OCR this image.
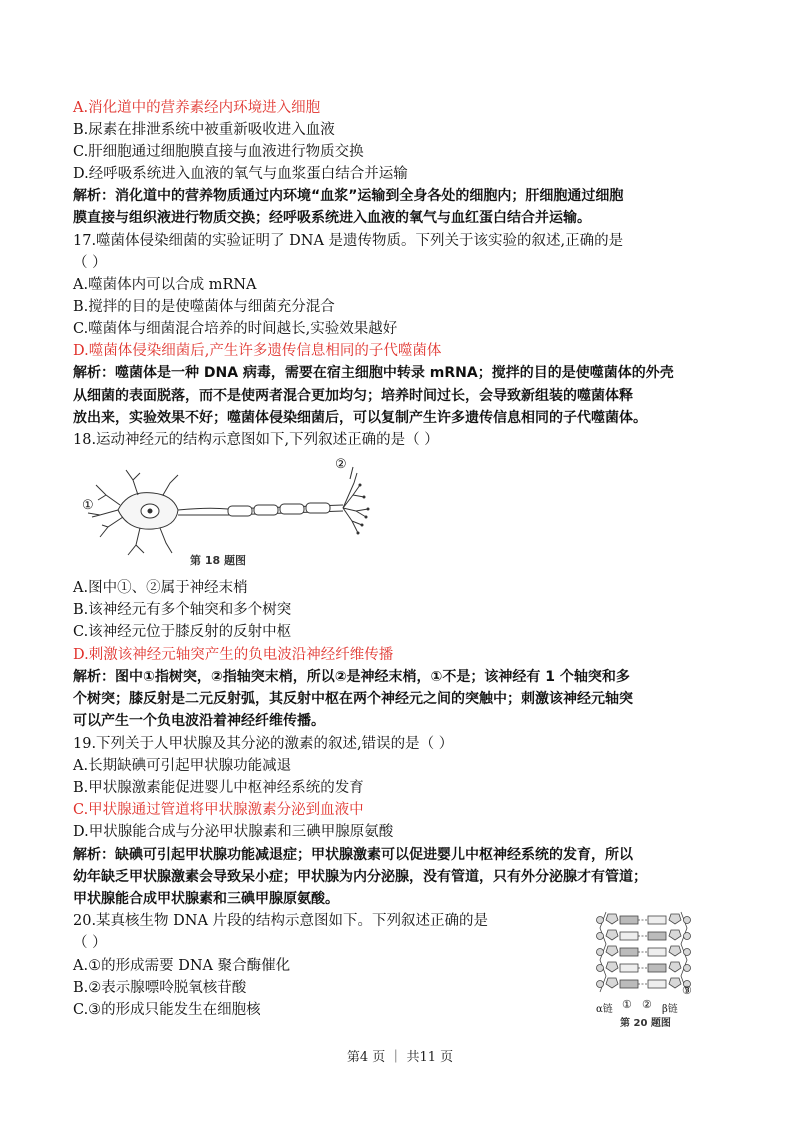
A.消化道中的营养素经内环境进入细胞
B.尿素在排泄系统中被重新吸收进入血液
C.肝细胞通过细胞膜直接与血液进行物质交换
D.经呼吸系统进入血液的氧气与血浆蛋白结合并运输
解析：消化道中的营养物质通过内环境“血浆”运输到全身各处的细胞内；肝细胞通过细胞
膜直接与组织液进行物质交换；经呼吸系统进入血液的氧气与血红蛋白结合并运输。
17.噬菌体侵染细菌的实验证明了 DNA 是遗传物质。下列关于该实验的叙述,正确的是
（ ）
A.噬菌体内可以合成 mRNA
B.搅拌的目的是使噬菌体与细菌充分混合
C.噬菌体与细菌混合培养的时间越长,实验效果越好
D.噬菌体侵染细菌后,产生许多遗传信息相同的子代噬菌体
解析：噬菌体是一种 DNA 病毒，需要在宿主细胞中转录 mRNA；搅拌的目的是使噬菌体的外壳
从细菌的表面脱落，而不是使两者混合更加均匀；培养时间过长，会导致新组装的噬菌体释
放出来，实验效果不好；噬菌体侵染细菌后，可以复制产生许多遗传信息相同的子代噬菌体。
18.运动神经元的结构示意图如下,下列叙述正确的是（ ）
①
②
第 18 题图
A.图中①、②属于神经末梢
B.该神经元有多个轴突和多个树突
C.该神经元位于膝反射的反射中枢
D.刺激该神经元轴突产生的负电波沿神经纤维传播
解析：图中①指树突，②指轴突末梢，所以②是神经末梢，①不是；该神经有 1 个轴突和多
个树突；膝反射是二元反射弧，其反射中枢在两个神经元之间的突触中；刺激该神经元轴突
可以产生一个负电波沿着神经纤维传播。
19.下列关于人甲状腺及其分泌的激素的叙述,错误的是（ ）
A.长期缺碘可引起甲状腺功能减退
B.甲状腺激素能促进婴儿中枢神经系统的发育
C.甲状腺通过管道将甲状腺激素分泌到血液中
D.甲状腺能合成与分泌甲状腺素和三碘甲腺原氨酸
解析：缺碘可引起甲状腺功能减退症；甲状腺激素可以促进婴儿中枢神经系统的发育，所以
幼年缺乏甲状腺激素会导致呆小症；甲状腺为内分泌腺，没有管道，只有外分泌腺才有管道；
甲状腺能合成甲状腺素和三碘甲腺原氨酸。
20.某真核生物 DNA 片段的结构示意图如下。下列叙述正确的是
（ ）
A.①的形成需要 DNA 聚合酶催化
B.②表示腺嘌呤脱氧核苷酸
C.③的形成只能发生在细胞核	α链 ① ②
③
β链
第 20 题图
第4 页 ｜ 共11 页
